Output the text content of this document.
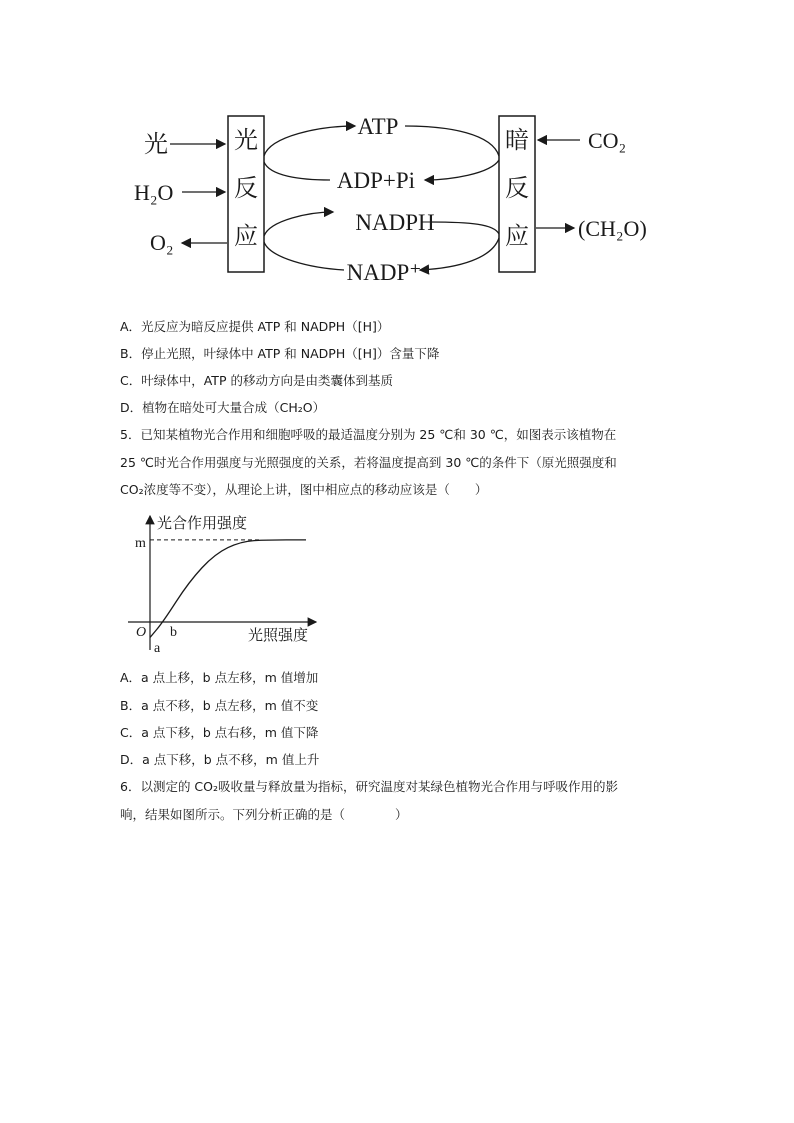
光
反
应
暗
反
应
光
H₂O
O₂
ATP
ADP+Pi
NADPH
NADP⁺
CO₂
(CH₂O)
A．光反应为暗反应提供 ATP 和 NADPH（[H]）
B．停止光照，叶绿体中 ATP 和 NADPH（[H]）含量下降
C．叶绿体中，ATP 的移动方向是由类囊体到基质
D．植物在暗处可大量合成（CH₂O）
5．已知某植物光合作用和细胞呼吸的最适温度分别为 25 ℃和 30 ℃，如图表示该植物在
25 ℃时光合作用强度与光照强度的关系，若将温度提高到 30 ℃的条件下（原光照强度和
CO₂浓度等不变），从理论上讲，图中相应点的移动应该是（　　）
光合作用强度
光照强度
O
m
b
a
A．a 点上移，b 点左移，m 值增加
B．a 点不移，b 点左移，m 值不变
C．a 点下移，b 点右移，m 值下降
D．a 点下移，b 点不移，m 值上升
6．以测定的 CO₂吸收量与释放量为指标，研究温度对某绿色植物光合作用与呼吸作用的影
响，结果如图所示。下列分析正确的是（　　　　）
